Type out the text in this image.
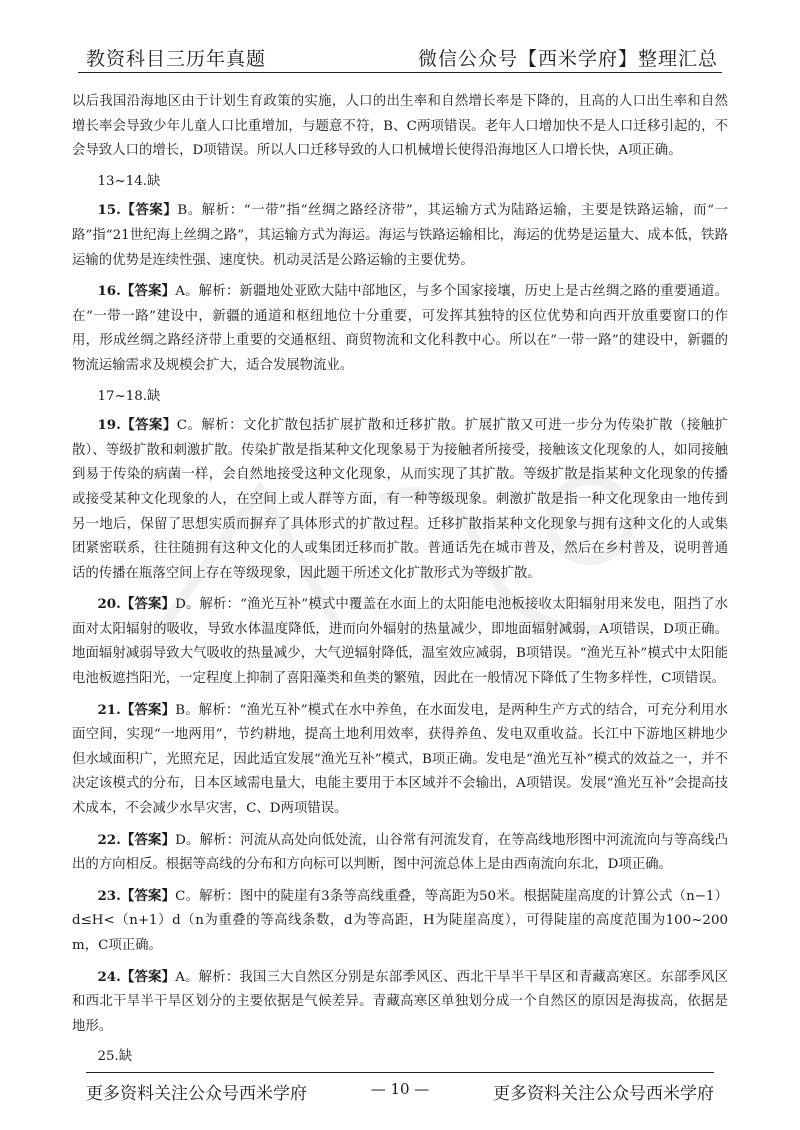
教资科目三历年真题	微信公众号【西米学府】整理汇总

以后我国沿海地区由于计划生育政策的实施，人口的出生率和自然增长率是下降的，且高的人口出生率和自然增长率会导致少年儿童人口比重增加，与题意不符，B、C两项错误。老年人口增加快不是人口迁移引起的，不会导致人口的增长，D项错误。所以人口迁移导致的人口机械增长使得沿海地区人口增长快，A项正确。

13~14.缺

15.【答案】B。解析：“一带”指“丝绸之路经济带”，其运输方式为陆路运输，主要是铁路运输，而“一路”指“21世纪海上丝绸之路”，其运输方式为海运。海运与铁路运输相比，海运的优势是运量大、成本低，铁路运输的优势是连续性强、速度快。机动灵活是公路运输的主要优势。

16.【答案】A。解析：新疆地处亚欧大陆中部地区，与多个国家接壤，历史上是古丝绸之路的重要通道。在“一带一路”建设中，新疆的通道和枢纽地位十分重要，可发挥其独特的区位优势和向西开放重要窗口的作用，形成丝绸之路经济带上重要的交通枢纽、商贸物流和文化科教中心。所以在“一带一路”的建设中，新疆的物流运输需求及规模会扩大，适合发展物流业。

17~18.缺

19.【答案】C。解析：文化扩散包括扩展扩散和迁移扩散。扩展扩散又可进一步分为传染扩散（接触扩散）、等级扩散和刺激扩散。传染扩散是指某种文化现象易于为接触者所接受，接触该文化现象的人，如同接触到易于传染的病菌一样，会自然地接受这种文化现象，从而实现了其扩散。等级扩散是指某种文化现象的传播或接受某种文化现象的人，在空间上或人群等方面，有一种等级现象。刺激扩散是指一种文化现象由一地传到另一地后，保留了思想实质而摒弃了具体形式的扩散过程。迁移扩散指某种文化现象与拥有这种文化的人或集团紧密联系，往往随拥有这种文化的人或集团迁移而扩散。普通话先在城市普及，然后在乡村普及，说明普通话的传播在瓶落空间上存在等级现象，因此题干所述文化扩散形式为等级扩散。

20.【答案】D。解析：“渔光互补”模式中覆盖在水面上的太阳能电池板接收太阳辐射用来发电，阻挡了水面对太阳辐射的吸收，导致水体温度降低，进而向外辐射的热量减少，即地面辐射减弱，A项错误，D项正确。地面辐射减弱导致大气吸收的热量减少，大气逆辐射降低，温室效应减弱，B项错误。“渔光互补”模式中太阳能电池板遮挡阳光，一定程度上抑制了喜阳藻类和鱼类的繁殖，因此在一般情况下降低了生物多样性，C项错误。

21.【答案】B。解析：“渔光互补”模式在水中养鱼，在水面发电，是两种生产方式的结合，可充分利用水面空间，实现“一地两用”，节约耕地，提高土地利用效率，获得养鱼、发电双重收益。长江中下游地区耕地少但水域面积广，光照充足，因此适宜发展“渔光互补”模式，B项正确。发电是“渔光互补”模式的效益之一，并不决定该模式的分布，日本区域需电量大，电能主要用于本区域并不会输出，A项错误。发展“渔光互补”会提高技术成本，不会减少水旱灾害，C、D两项错误。

22.【答案】D。解析：河流从高处向低处流，山谷常有河流发育，在等高线地形图中河流流向与等高线凸出的方向相反。根据等高线的分布和方向标可以判断，图中河流总体上是由西南流向东北，D项正确。

23.【答案】C。解析：图中的陡崖有3条等高线重叠，等高距为50米。根据陡崖高度的计算公式（n−1）d≤H<（n+1）d（n为重叠的等高线条数，d为等高距，H为陡崖高度），可得陡崖的高度范围为100~200 m，C项正确。

24.【答案】A。解析：我国三大自然区分别是东部季风区、西北干旱半干旱区和青藏高寒区。东部季风区和西北干旱半干旱区划分的主要依据是气候差异。青藏高寒区单独划分成一个自然区的原因是海拔高，依据是地形。

25.缺

更多资料关注公众号西米学府	— 10 —	更多资料关注公众号西米学府
